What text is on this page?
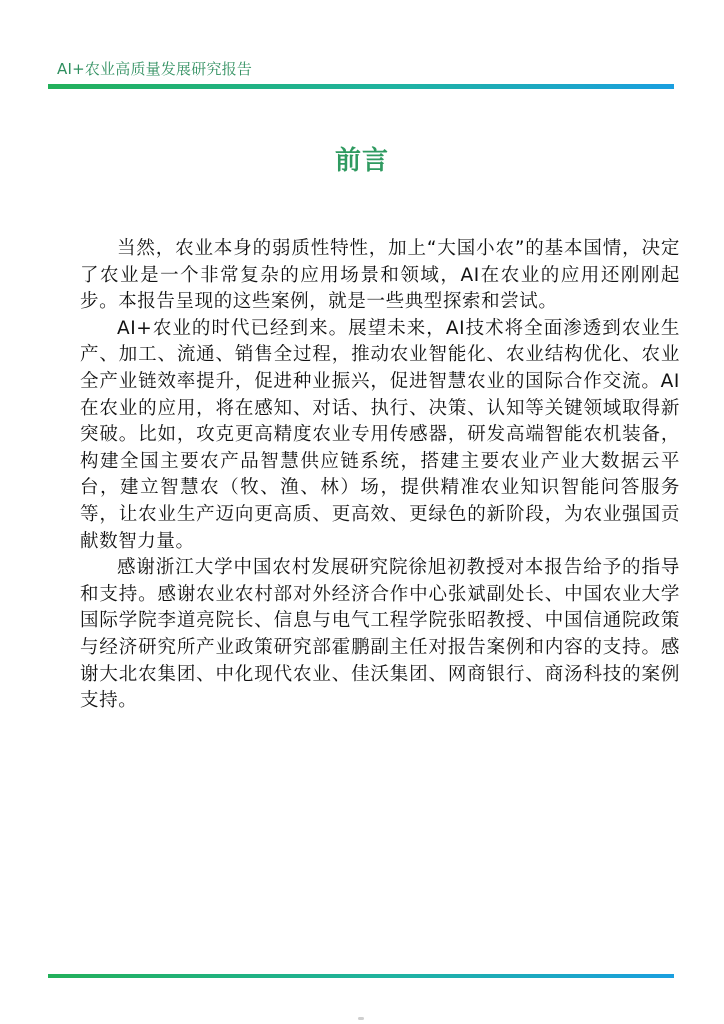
AI+农业高质量发展研究报告
前言

当然，农业本身的弱质性特性，加上“大国小农”的基本国情，决定了农业是一个非常复杂的应用场景和领域，AI在农业的应用还刚刚起步。本报告呈现的这些案例，就是一些典型探索和尝试。

AI+农业的时代已经到来。展望未来，AI技术将全面渗透到农业生产、加工、流通、销售全过程，推动农业智能化、农业结构优化、农业全产业链效率提升，促进种业振兴，促进智慧农业的国际合作交流。AI在农业的应用，将在感知、对话、执行、决策、认知等关键领域取得新突破。比如，攻克更高精度农业专用传感器，研发高端智能农机装备，构建全国主要农产品智慧供应链系统，搭建主要农业产业大数据云平台，建立智慧农（牧、渔、林）场，提供精准农业知识智能问答服务等，让农业生产迈向更高质、更高效、更绿色的新阶段，为农业强国贡献数智力量。

感谢浙江大学中国农村发展研究院徐旭初教授对本报告给予的指导和支持。感谢农业农村部对外经济合作中心张斌副处长、中国农业大学国际学院李道亮院长、信息与电气工程学院张昭教授、中国信通院政策与经济研究所产业政策研究部霍鹏副主任对报告案例和内容的支持。感谢大北农集团、中化现代农业、佳沃集团、网商银行、商汤科技的案例支持。
